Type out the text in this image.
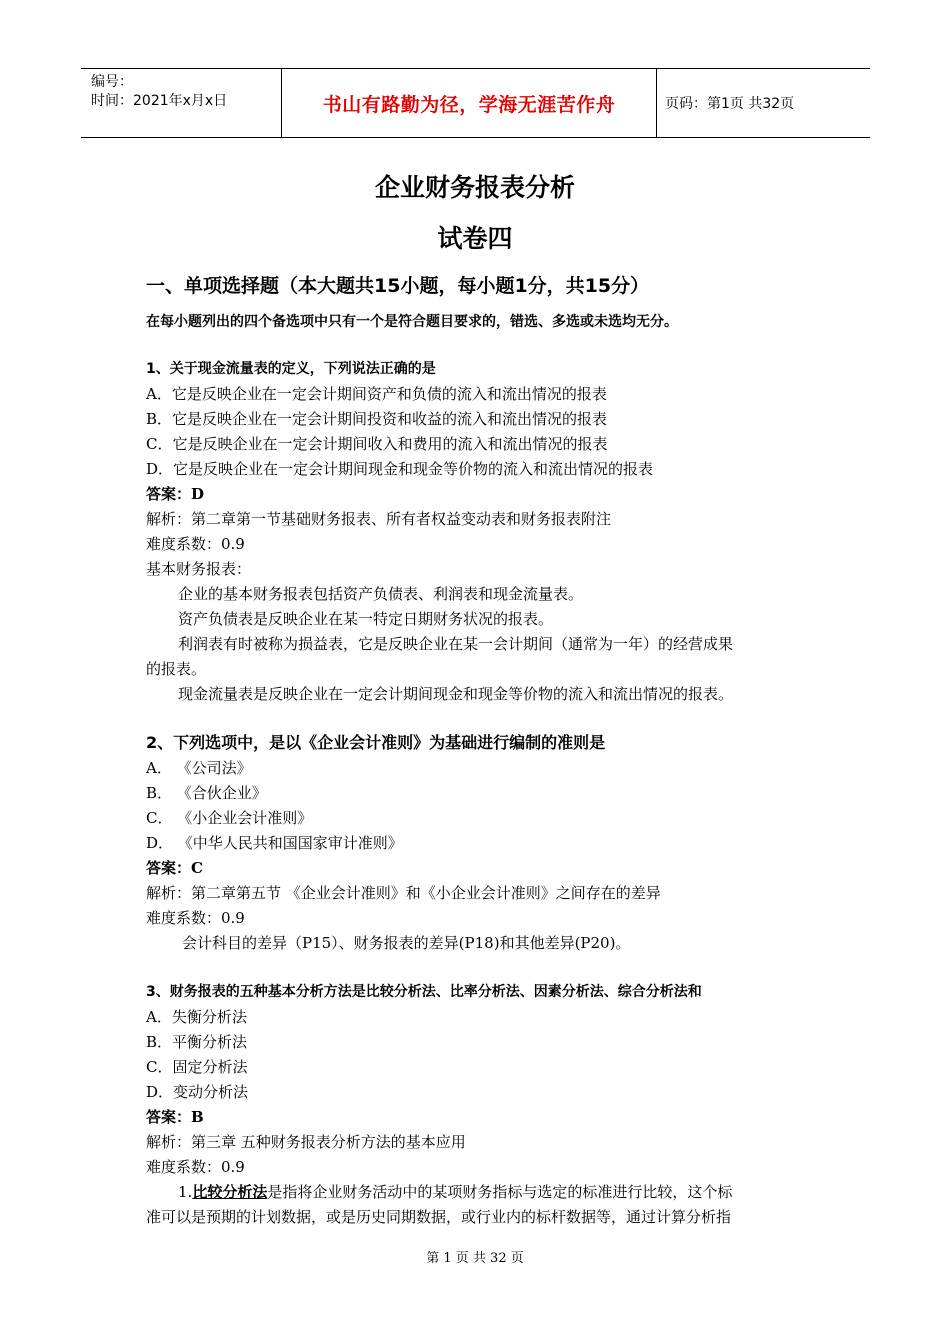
编号：
时间：2021年x月x日	书山有路勤为径，学海无涯苦作舟	页码：第1页 共32页
企业财务报表分析
试卷四
一、单项选择题（本大题共15小题，每小题1分，共15分）
在每小题列出的四个备选项中只有一个是符合题目要求的，错选、多选或未选均无分。
1、关于现金流量表的定义，下列说法正确的是
A．它是反映企业在一定会计期间资产和负债的流入和流出情况的报表
B．它是反映企业在一定会计期间投资和收益的流入和流出情况的报表
C．它是反映企业在一定会计期间收入和费用的流入和流出情况的报表
D．它是反映企业在一定会计期间现金和现金等价物的流入和流出情况的报表
答案：D
解析：第二章第一节基础财务报表、所有者权益变动表和财务报表附注
难度系数：0.9
基本财务报表：
企业的基本财务报表包括资产负债表、利润表和现金流量表。
资产负债表是反映企业在某一特定日期财务状况的报表。
利润表有时被称为损益表，它是反映企业在某一会计期间（通常为一年）的经营成果
的报表。
现金流量表是反映企业在一定会计期间现金和现金等价物的流入和流出情况的报表。
2、下列选项中，是以《企业会计准则》为基础进行编制的准则是
A． 《公司法》
B． 《合伙企业》
C． 《小企业会计准则》
D． 《中华人民共和国国家审计准则》
答案：C
解析：第二章第五节 《企业会计准则》和《小企业会计准则》之间存在的差异
难度系数：0.9
会计科目的差异（P15）、财务报表的差异(P18)和其他差异(P20)。
3、财务报表的五种基本分析方法是比较分析法、比率分析法、因素分析法、综合分析法和
A．失衡分析法
B．平衡分析法
C．固定分析法
D．变动分析法
答案：B
解析：第三章 五种财务报表分析方法的基本应用
难度系数：0.9
1.比较分析法是指将企业财务活动中的某项财务指标与选定的标准进行比较，这个标
准可以是预期的计划数据，或是历史同期数据，或行业内的标杆数据等，通过计算分析指
第 1 页 共 32 页
